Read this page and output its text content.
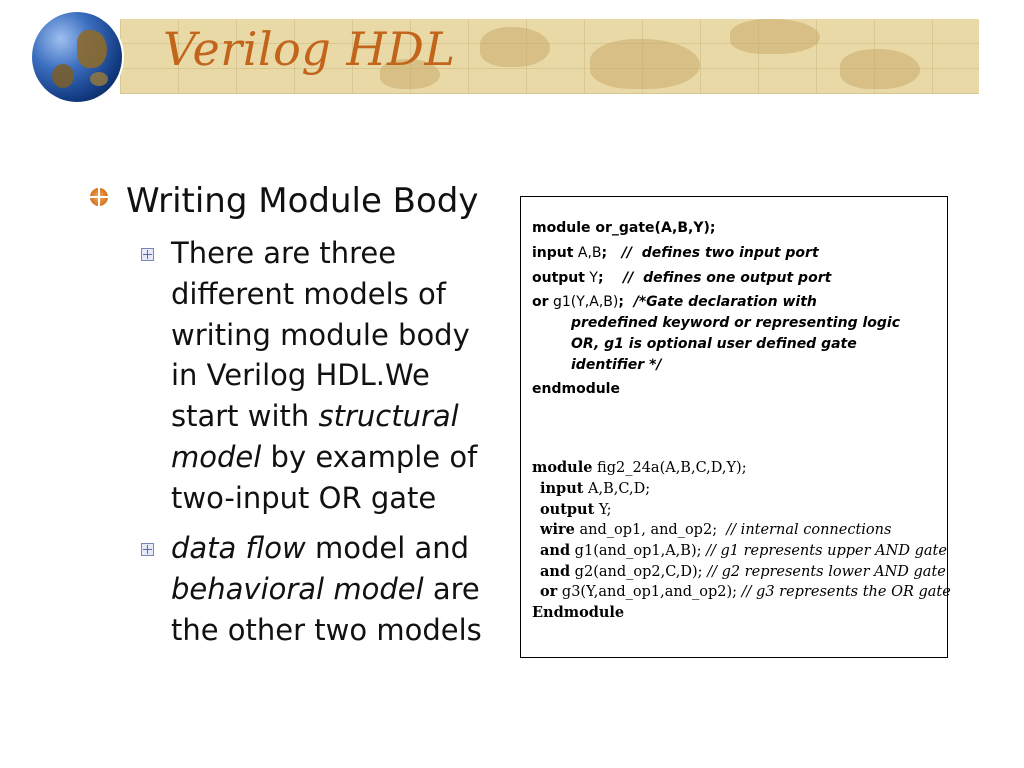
Verilog HDL

Writing Module Body

There are three
different models of
writing module body
in Verilog HDL.We
start with structural
model by example of
two-input OR gate

data flow model and
behavioral model are
the other two models

module or_gate(A,B,Y);

input A,B;   //  defines two input port

output Y;    //  defines one output port

or g1(Y,A,B);  /*Gate declaration with

predefined keyword or representing logic

OR, g1 is optional user defined gate

identifier */

endmodule

module fig2_24a(A,B,C,D,Y);

input A,B,C,D;

output Y;

wire and_op1, and_op2;  // internal connections

and g1(and_op1,A,B); // g1 represents upper AND gate

and g2(and_op2,C,D); // g2 represents lower AND gate

or g3(Y,and_op1,and_op2); // g3 represents the OR gate

Endmodule
